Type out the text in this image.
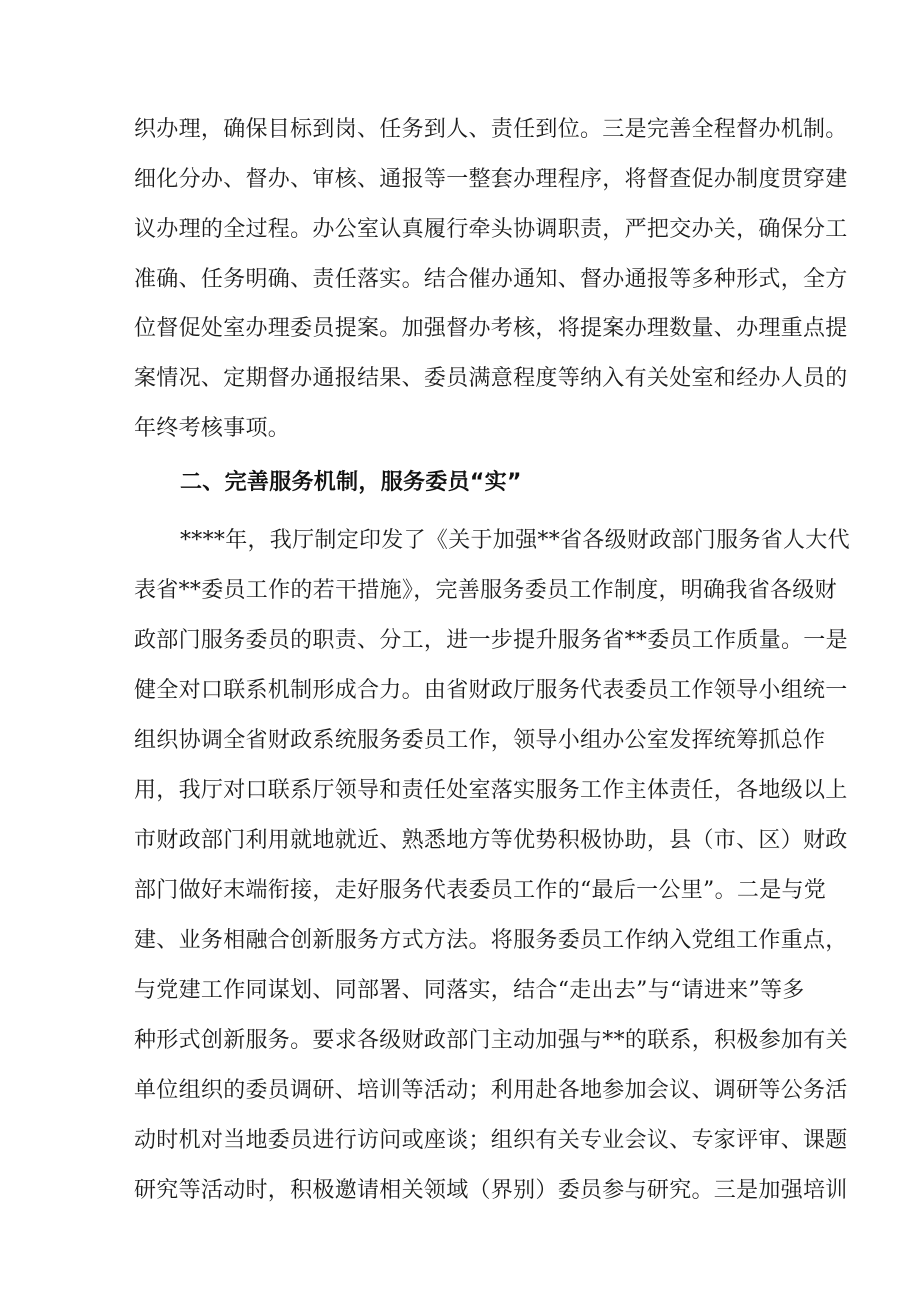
织办理，确保目标到岗、任务到人、责任到位。三是完善全程督办机制。
细化分办、督办、审核、通报等一整套办理程序，将督查促办制度贯穿建
议办理的全过程。办公室认真履行牵头协调职责，严把交办关，确保分工
准确、任务明确、责任落实。结合催办通知、督办通报等多种形式，全方
位督促处室办理委员提案。加强督办考核，将提案办理数量、办理重点提
案情况、定期督办通报结果、委员满意程度等纳入有关处室和经办人员的
年终考核事项。
二、完善服务机制，服务委员“实”
****年，我厅制定印发了《关于加强**省各级财政部门服务省人大代
表省**委员工作的若干措施》，完善服务委员工作制度，明确我省各级财
政部门服务委员的职责、分工，进一步提升服务省**委员工作质量。一是
健全对口联系机制形成合力。由省财政厅服务代表委员工作领导小组统一
组织协调全省财政系统服务委员工作，领导小组办公室发挥统筹抓总作
用，我厅对口联系厅领导和责任处室落实服务工作主体责任，各地级以上
市财政部门利用就地就近、熟悉地方等优势积极协助，县（市、区）财政
部门做好末端衔接，走好服务代表委员工作的“最后一公里”。二是与党
建、业务相融合创新服务方式方法。将服务委员工作纳入党组工作重点，
与党建工作同谋划、同部署、同落实，结合“走出去”与“请进来”等多
种形式创新服务。要求各级财政部门主动加强与**的联系，积极参加有关
单位组织的委员调研、培训等活动；利用赴各地参加会议、调研等公务活
动时机对当地委员进行访问或座谈；组织有关专业会议、专家评审、课题
研究等活动时，积极邀请相关领域（界别）委员参与研究。三是加强培训
